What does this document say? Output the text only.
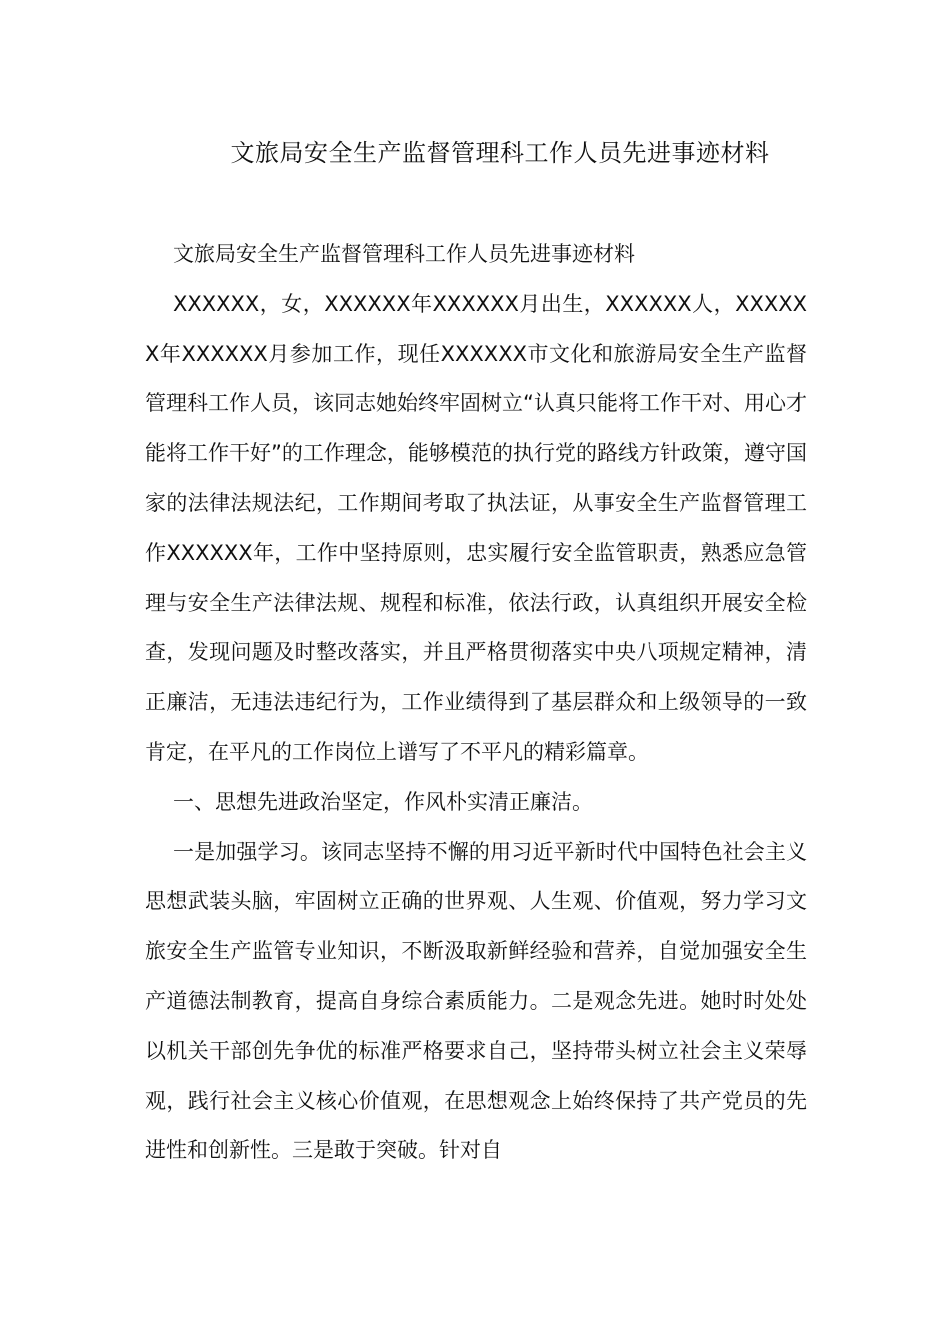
文旅局安全生产监督管理科工作人员先进事迹材料

文旅局安全生产监督管理科工作人员先进事迹材料

XXXXXX，女，XXXXXX年XXXXXX月出生，XXXXXX人，XXXXXX年XXXXXX月参加工作，现任XXXXXX市文化和旅游局安全生产监督管理科工作人员，该同志她始终牢固树立“认真只能将工作干对、用心才能将工作干好”的工作理念，能够模范的执行党的路线方针政策，遵守国家的法律法规法纪，工作期间考取了执法证，从事安全生产监督管理工作XXXXXX年，工作中坚持原则，忠实履行安全监管职责，熟悉应急管理与安全生产法律法规、规程和标准，依法行政，认真组织开展安全检查，发现问题及时整改落实，并且严格贯彻落实中央八项规定精神，清正廉洁，无违法违纪行为，工作业绩得到了基层群众和上级领导的一致肯定，在平凡的工作岗位上谱写了不平凡的精彩篇章。

一、思想先进政治坚定，作风朴实清正廉洁。

一是加强学习。该同志坚持不懈的用习近平新时代中国特色社会主义思想武装头脑，牢固树立正确的世界观、人生观、价值观，努力学习文旅安全生产监管专业知识，不断汲取新鲜经验和营养，自觉加强安全生产道德法制教育，提高自身综合素质能力。二是观念先进。她时时处处以机关干部创先争优的标准严格要求自己，坚持带头树立社会主义荣辱观，践行社会主义核心价值观，在思想观念上始终保持了共产党员的先进性和创新性。三是敢于突破。针对自
